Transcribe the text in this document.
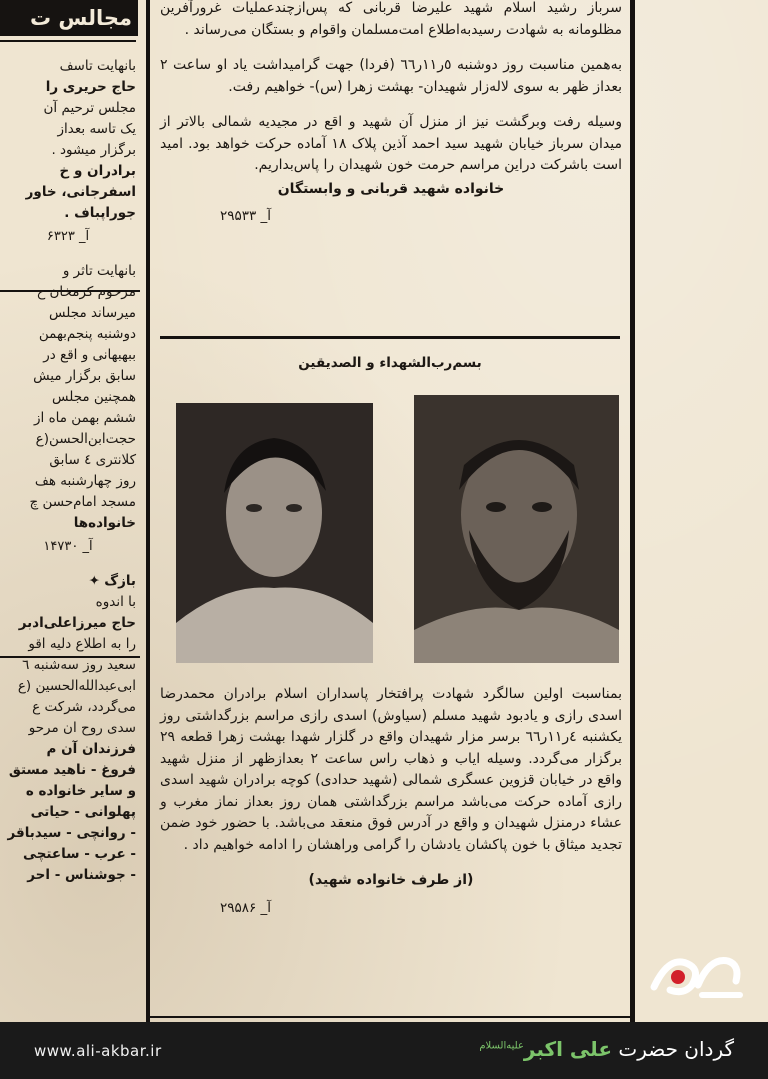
مجالس ت

بانهایت تاسف

حاج حریری را

مجلس ترحیم آن

یک تاسه بعداز

برگزار میشود .

برادران و خ

اسفرجانی، خاور

جوراپباف .

آ_ ۶۳۲۳

بانهایت تاثر و

مرحوم کرمخان ح

میرساند مجلس

دوشنبه پنجم‌بهمن

ببهبهانی و اقع در

سابق برگزار میش

همچنین مجلس

ششم بهمن ماه از

حجت‌ابن‌الحسن(ع

کلانتری ٤ سابق

روز چهارشنبه هف

مسجد امام‌حسن چ

خانواده‌ها

آ_ ۱۴۷۳۰

بازگ ✦

با اندوه

حاج میرزاعلی‌اد‌بر

را به اطلاع دلیه اقو

سعید روز سه‌شنبه ٦

ابی‌عبدالله‌الحسین (ع

می‌گردد، شرکت ع

سدی روح ان مرحو

فرزندان آن م

فروغ - ناهید مستق

و سایر خانواده ه

پهلوانی - حیاتی

- روانچی - سیدباقر

- عرب - ساعتچی

- جوشناس - احر

سرباز رشید اسلام شهید علیرضا قربانی که پس‌ازچندعملیات غرورآفرین مظلومانه به شهادت رسید‌به‌اطلاع امت‌مسلمان واقوام و بستگان می‌رساند .

به‌همین مناسبت روز دوشنبه ٥ر١١ر٦٦ (فردا) جهت گرامیداشت یاد او ساعت ٢ بعداز ظهر به سوی لاله‌زار شهیدان- بهشت زهرا (س)- خواهیم رفت.

وسیله رفت وبرگشت نیز از منزل آن شهید و اقع در مجیدیه شمالی بالاتر از میدان سرباز خیابان شهید سید احمد آذین پلاک ١٨ آماده حرکت خواهد بود. امید است باشرکت دراین مراسم حرمت خون شهیدان را پاس‌بداریم.

خانواده شهید قربانی و وابستگان

آ_ ۲۹۵۳۳

بسم‌رب‌الشهداء و الصدیقین

بمناسبت اولین سالگرد شهادت پرافتخار پاسداران اسلام برادران محمدرضا اسدی رازی و یادبود شهید مسلم (سیاوش) اسدی رازی مراسم بزرگداشتی روز یکشنبه ٤ر١١ر٦٦ برسر مزار شهیدان واقع در گلزار شهدا بهشت زهرا قطعه ٢٩ برگزار می‌گردد. وسیله ایاب و ذهاب راس ساعت ٢ بعدازظهر از منزل شهید واقع در خیابان قزوین عسگری شمالی (شهید حدادی) کوچه برادران شهید اسدی رازی آماده حرکت می‌باشد مراسم بزرگداشتی همان روز بعداز نماز مغرب و عشاء درمنزل شهیدان و واقع در آدرس فوق منعقد می‌باشد. با حضور خود ضمن تجدید میثاق با خون پاکشان یادشان را گرامی وراهشان را ادامه خواهیم داد .

(از طرف خانواده شهید)

آ_ ۲۹۵۸۶

www.ali-akbar.ir	گردان حضرت علی اکبر$^{علیه‌السلام}$
